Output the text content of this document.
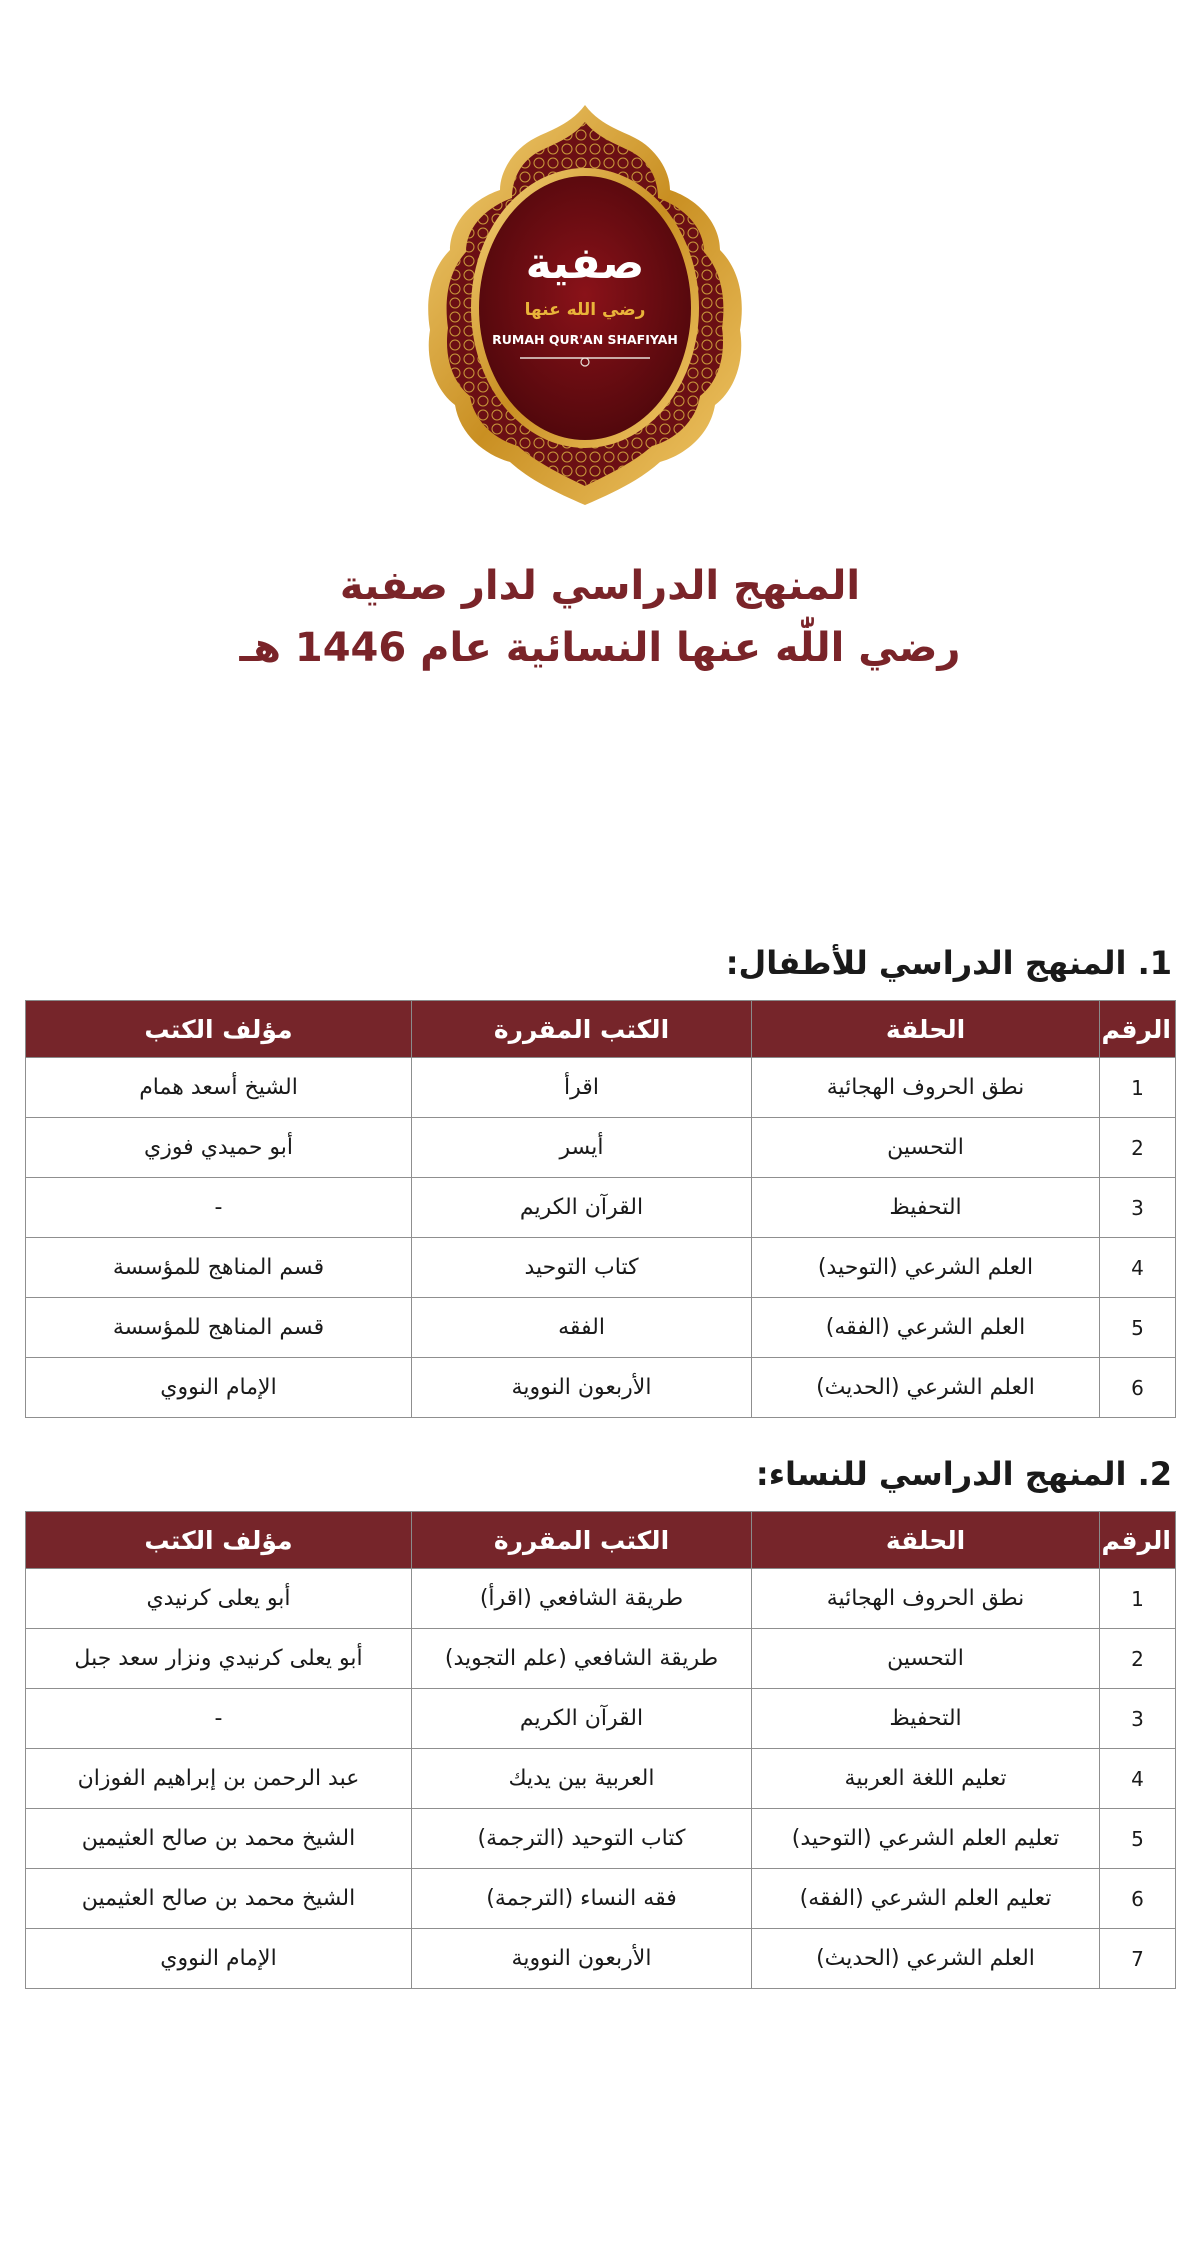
صفية
رضي الله عنها
RUMAH QUR'AN SHAFIYAH
المنهج الدراسي لدار صفية
رضي اللّٰه عنها النسائية عام 1446 هـ
1. المنهج الدراسي للأطفال:
الرقم	الحلقة	الكتب المقررة	مؤلف الكتب
1	نطق الحروف الهجائية	اقرأ	الشيخ أسعد همام
2	التحسين	أيسر	أبو حميدي فوزي
3	التحفيظ	القرآن الكريم	-
4	العلم الشرعي (التوحيد)	كتاب التوحيد	قسم المناهج للمؤسسة
5	العلم الشرعي (الفقه)	الفقه	قسم المناهج للمؤسسة
6	العلم الشرعي (الحديث)	الأربعون النووية	الإمام النووي
2. المنهج الدراسي للنساء:
الرقم	الحلقة	الكتب المقررة	مؤلف الكتب
1	نطق الحروف الهجائية	طريقة الشافعي (اقرأ)	أبو يعلى كرنيدي
2	التحسين	طريقة الشافعي (علم التجويد)	أبو يعلى كرنيدي ونزار سعد جبل
3	التحفيظ	القرآن الكريم	-
4	تعليم اللغة العربية	العربية بين يديك	عبد الرحمن بن إبراهيم الفوزان
5	تعليم العلم الشرعي (التوحيد)	كتاب التوحيد (الترجمة)	الشيخ محمد بن صالح العثيمين
6	تعليم العلم الشرعي (الفقه)	فقه النساء (الترجمة)	الشيخ محمد بن صالح العثيمين
7	العلم الشرعي (الحديث)	الأربعون النووية	الإمام النووي
